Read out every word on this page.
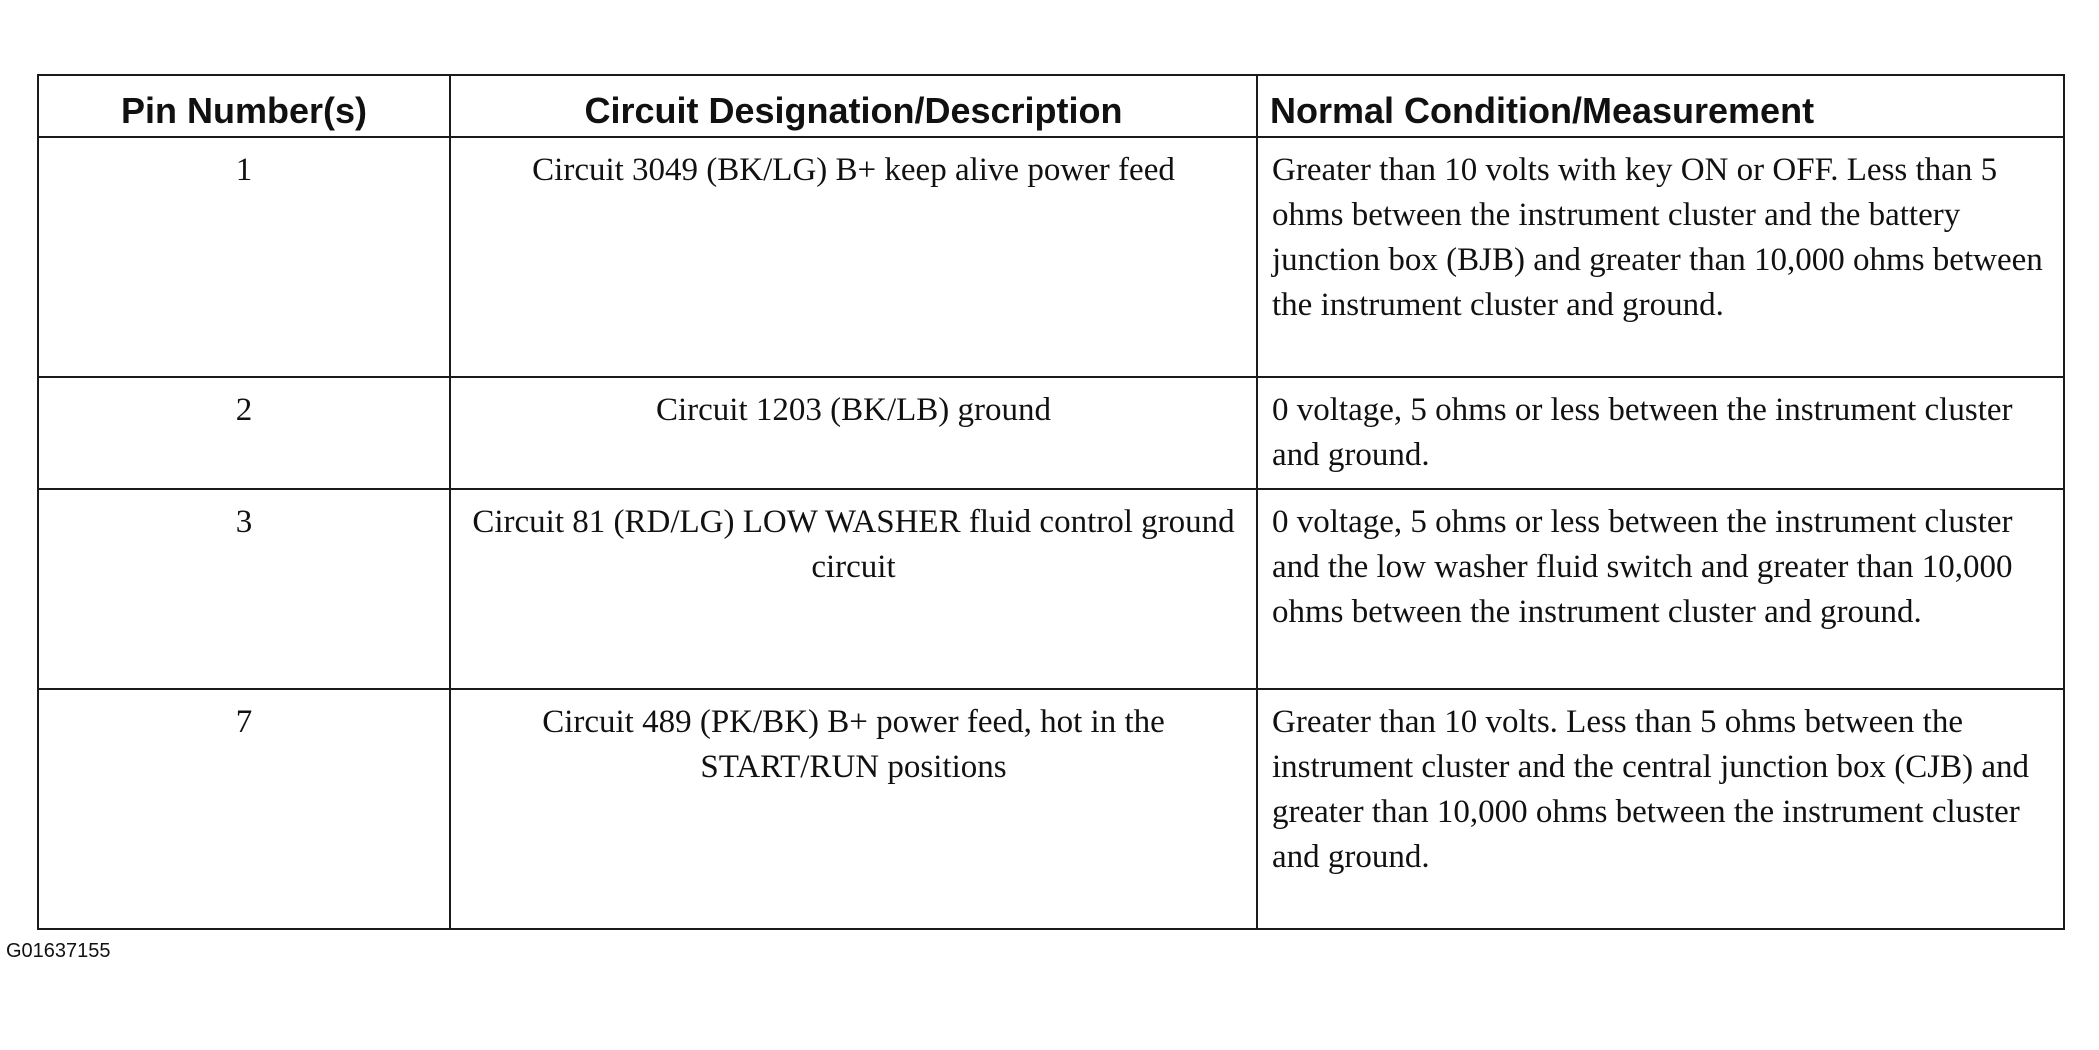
Pin Number(s)	Circuit Designation/Description	Normal Condition/Measurement
1	Circuit 3049 (BK/LG) B+ keep alive power feed	Greater than 10 volts with key ON or OFF. Less than 5 ohms between the instrument cluster and the battery junction box (BJB) and greater than 10,000 ohms between the instrument cluster and ground.
2	Circuit 1203 (BK/LB) ground	0 voltage, 5 ohms or less between the instrument cluster and ground.
3	Circuit 81 (RD/LG) LOW WASHER fluid control ground circuit	0 voltage, 5 ohms or less between the instrument cluster and the low washer fluid switch and greater than 10,000 ohms between the instrument cluster and ground.
7	Circuit 489 (PK/BK) B+ power feed, hot in the START/RUN positions	Greater than 10 volts. Less than 5 ohms between the instrument cluster and the central junction box (CJB) and greater than 10,000 ohms between the instrument cluster and ground.
G01637155
